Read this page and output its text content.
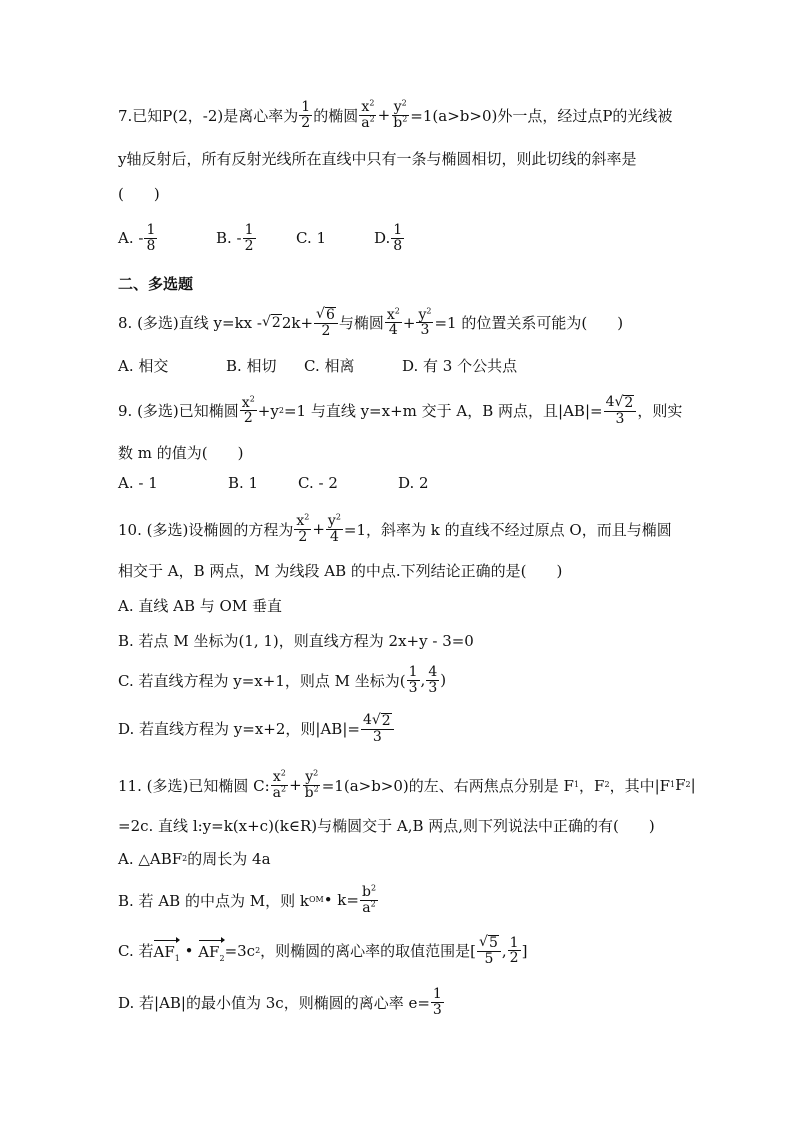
7.已知P(2，-2)是离心率为 $\frac{1}{2}$ 的椭圆 $\frac{x^2}{a^2} + \frac{y^2}{b^2} =1(a>b>0)$外一点，经过点P的光线被
y轴反射后，所有反射光线所在直线中只有一条与椭圆相切，则此切线的斜率是
(　　)
A. - $\frac{1}{8}$	B. - $\frac{1}{2}$	C. 1	D. $\frac{1}{8}$
二、多选题
8. (多选)直线 y=kx - √ 2 $2k+ \frac{√ 6}{2}$ 与椭圆 $\frac{x^2}{4} + \frac{y^2}{3} =1$ 的位置关系可能为(　　)
A. 相交	B. 相切	C. 相离	D. 有 3 个公共点
9. (多选)已知椭圆 $\frac{x^2}{2} +y$ 2 =1 与直线 y=x+m 交于 A，B 两点，且$|AB|= \frac{4 √ 2}{3}$ ，则实
数 m 的值为(　　)
A. - 1	B. 1	C. - 2	D. 2
10. (多选)设椭圆的方程为 $\frac{x^2}{2} + \frac{y^2}{4} =1$，斜率为 k 的直线不经过原点 O，而且与椭圆
相交于 A，B 两点，M 为线段 AB 的中点.下列结论正确的是(　　)
A. 直线 AB 与 OM 垂直
B. 若点 M 坐标为(1, 1)，则直线方程为 2x+y - 3=0
C. 若直线方程为 y=x+1，则点 M 坐标为( $\frac{1}{3}$ , $\frac{4}{3}$ )
D. 若直线方程为 y=x+2，则$|AB|= \frac{4 √ 2}{3}$
11. (多选)已知椭圆 C: $\frac{x^2}{a^2} + \frac{y^2}{b^2} =1(a>b>0)$的左、右两焦点分别是 F 1 ，F 2 ，其中|F 1 F 2 |
=2c. 直线 l:y=k(x+c)(k∈R)与椭圆交于 A,B 两点,则下列说法中正确的有(　　)
A. △ABF 2 的周长为 4a
B. 若 AB 的中点为 M，则 k OM • $k= \frac{b^2}{a^2}$
C. 若 $AF_1$ • $AF_2 =3c$ 2 ，则椭圆的离心率的取值范围是[ $\frac{√ 5}{5}$ , $\frac{1}{2}$ ]
D. 若|AB|的最小值为 3c，则椭圆的离心率 $e= \frac{1}{3}$
